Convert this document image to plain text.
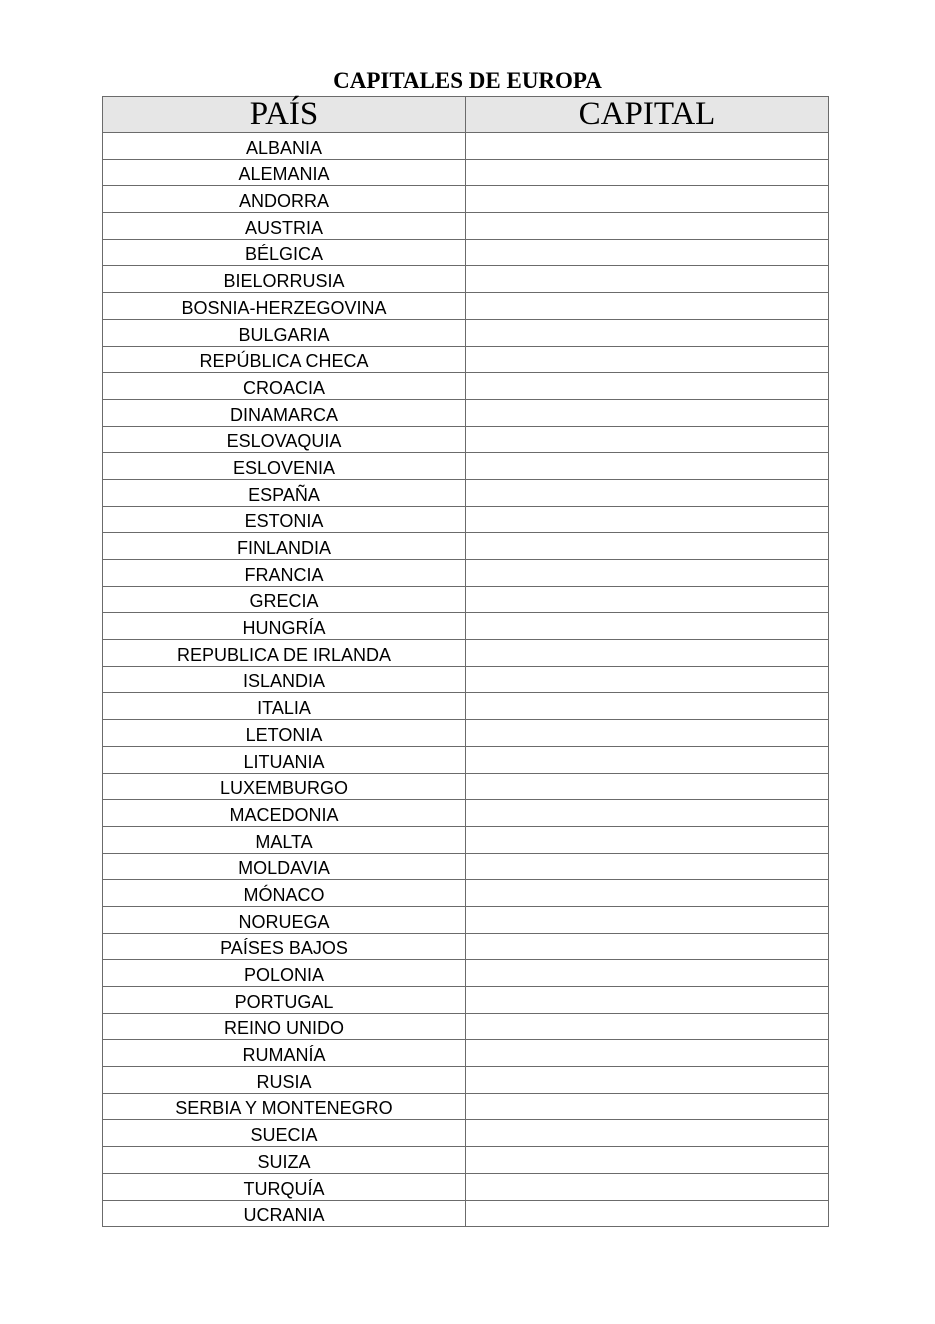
CAPITALES DE EUROPA
PAÍS	CAPITAL
ALBANIA	
ALEMANIA	
ANDORRA	
AUSTRIA	
BÉLGICA	
BIELORRUSIA	
BOSNIA-HERZEGOVINA	
BULGARIA	
REPÚBLICA CHECA	
CROACIA	
DINAMARCA	
ESLOVAQUIA	
ESLOVENIA	
ESPAÑA	
ESTONIA	
FINLANDIA	
FRANCIA	
GRECIA	
HUNGRÍA	
REPUBLICA DE IRLANDA	
ISLANDIA	
ITALIA	
LETONIA	
LITUANIA	
LUXEMBURGO	
MACEDONIA	
MALTA	
MOLDAVIA	
MÓNACO	
NORUEGA	
PAÍSES BAJOS	
POLONIA	
PORTUGAL	
REINO UNIDO	
RUMANÍA	
RUSIA	
SERBIA Y MONTENEGRO	
SUECIA	
SUIZA	
TURQUÍA	
UCRANIA	
